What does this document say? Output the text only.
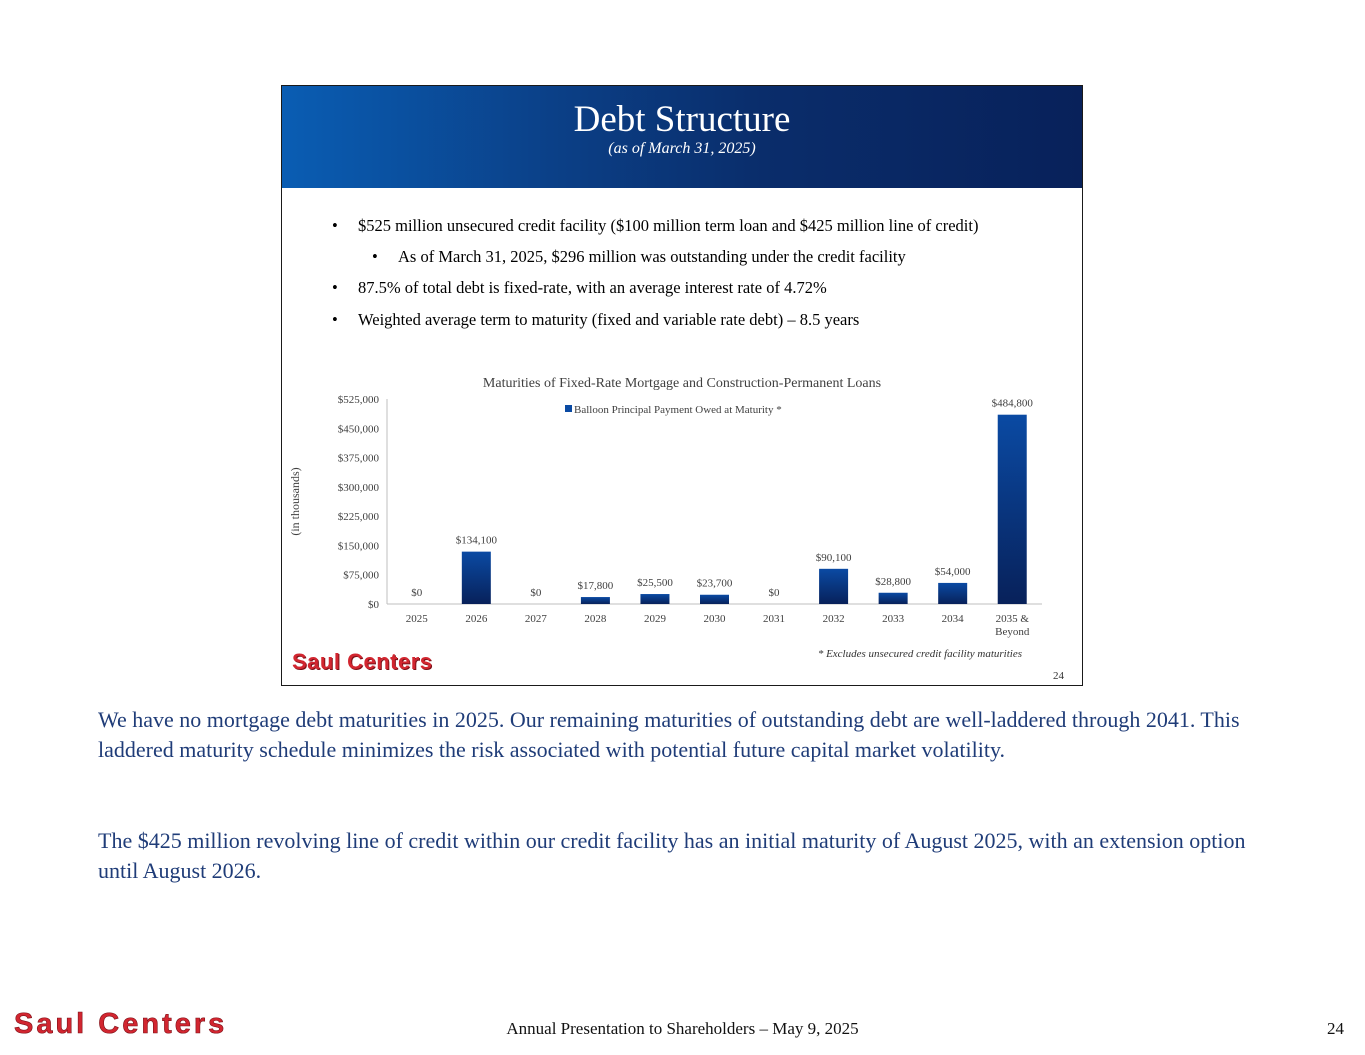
Debt Structure
(as of March 31, 2025)
• $525 million unsecured credit facility ($100 million term loan and $425 million line of credit)
• As of March 31, 2025, $296 million was outstanding under the credit facility
• 87.5% of total debt is fixed-rate, with an average interest rate of 4.72%
• Weighted average term to maturity (fixed and variable rate debt) – 8.5 years
Maturities of Fixed-Rate Mortgage and Construction-Permanent Loans
$0
$75,000
$150,000
$225,000
$300,000
$375,000
$450,000
$525,000
(in thousands)
$0
2025
$134,100
2026
$0
2027
$17,800
2028
$25,500
2029
$23,700
2030
$0
2031
$90,100
2032
$28,800
2033
$54,000
2034
$484,800
2035 & Beyond
Balloon Principal Payment Owed at Maturity *
Saul Centers	* Excludes unsecured credit facility maturities
24
We have no mortgage debt maturities in 2025. Our remaining maturities of outstanding debt are well-laddered through 2041. This laddered maturity schedule minimizes the risk associated with potential future capital market volatility.
The $425 million revolving line of credit within our credit facility has an initial maturity of August 2025, with an extension option until August 2026.
Saul Centers	Annual Presentation to Shareholders – May 9, 2025	24
